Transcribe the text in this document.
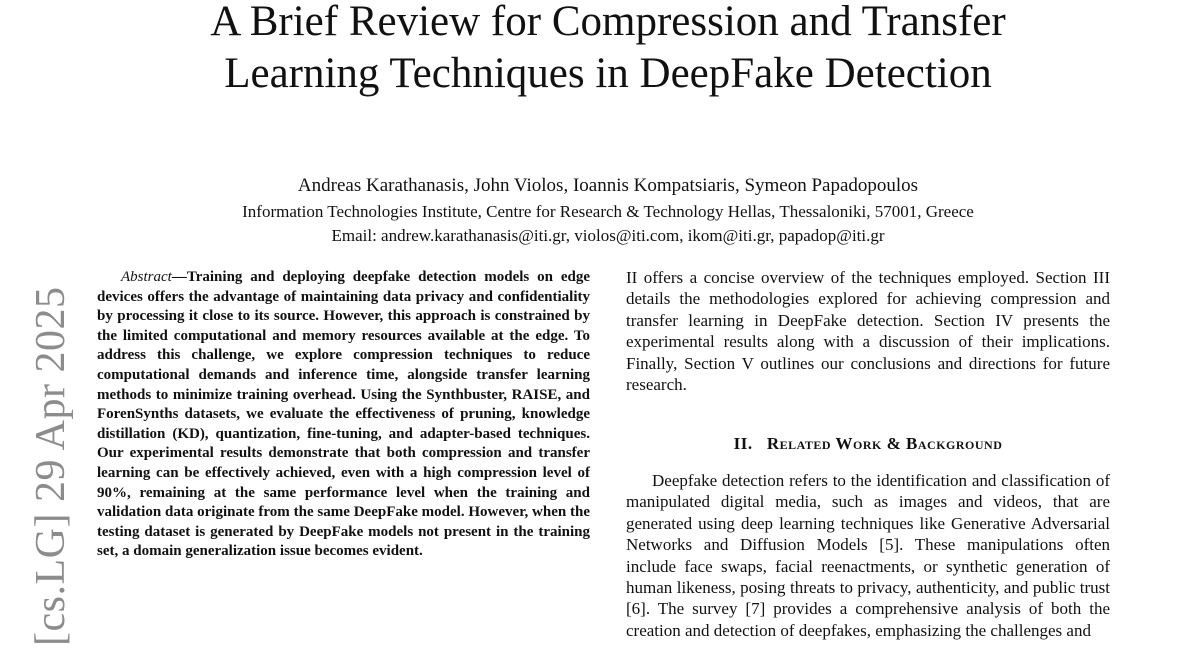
A Brief Review for Compression and Transfer
Learning Techniques in DeepFake Detection
Andreas Karathanasis, John Violos, Ioannis Kompatsiaris, Symeon Papadopoulos
Information Technologies Institute, Centre for Research & Technology Hellas, Thessaloniki, 57001, Greece
Email: andrew.karathanasis@iti.gr, violos@iti.com, ikom@iti.gr, papadop@iti.gr
[cs.LG] 29 Apr 2025

Abstract—Training and deploying deepfake detection models on edge devices offers the advantage of maintaining data privacy and confidentiality by processing it close to its source. However, this approach is constrained by the limited computational and memory resources available at the edge. To address this challenge, we explore compression techniques to reduce computational demands and inference time, alongside transfer learning methods to minimize training overhead. Using the Synthbuster, RAISE, and ForenSynths datasets, we evaluate the effectiveness of pruning, knowledge distillation (KD), quantization, fine-tuning, and adapter-based techniques. Our experimental results demonstrate that both compression and transfer learning can be effectively achieved, even with a high compression level of 90%, remaining at the same performance level when the training and validation data originate from the same DeepFake model. However, when the testing dataset is generated by DeepFake models not present in the training set, a domain generalization issue becomes evident.

II offers a concise overview of the techniques employed. Section III details the methodologies explored for achieving compression and transfer learning in DeepFake detection. Section IV presents the experimental results along with a discussion of their implications. Finally, Section V outlines our conclusions and directions for future research.

II. Related Work & Background

Deepfake detection refers to the identification and classification of manipulated digital media, such as images and videos, that are generated using deep learning techniques like Generative Adversarial Networks and Diffusion Models [5]. These manipulations often include face swaps, facial reenactments, or synthetic generation of human likeness, posing threats to privacy, authenticity, and public trust [6]. The survey [7] provides a comprehensive analysis of both the creation and detection of deepfakes, emphasizing the challenges and
